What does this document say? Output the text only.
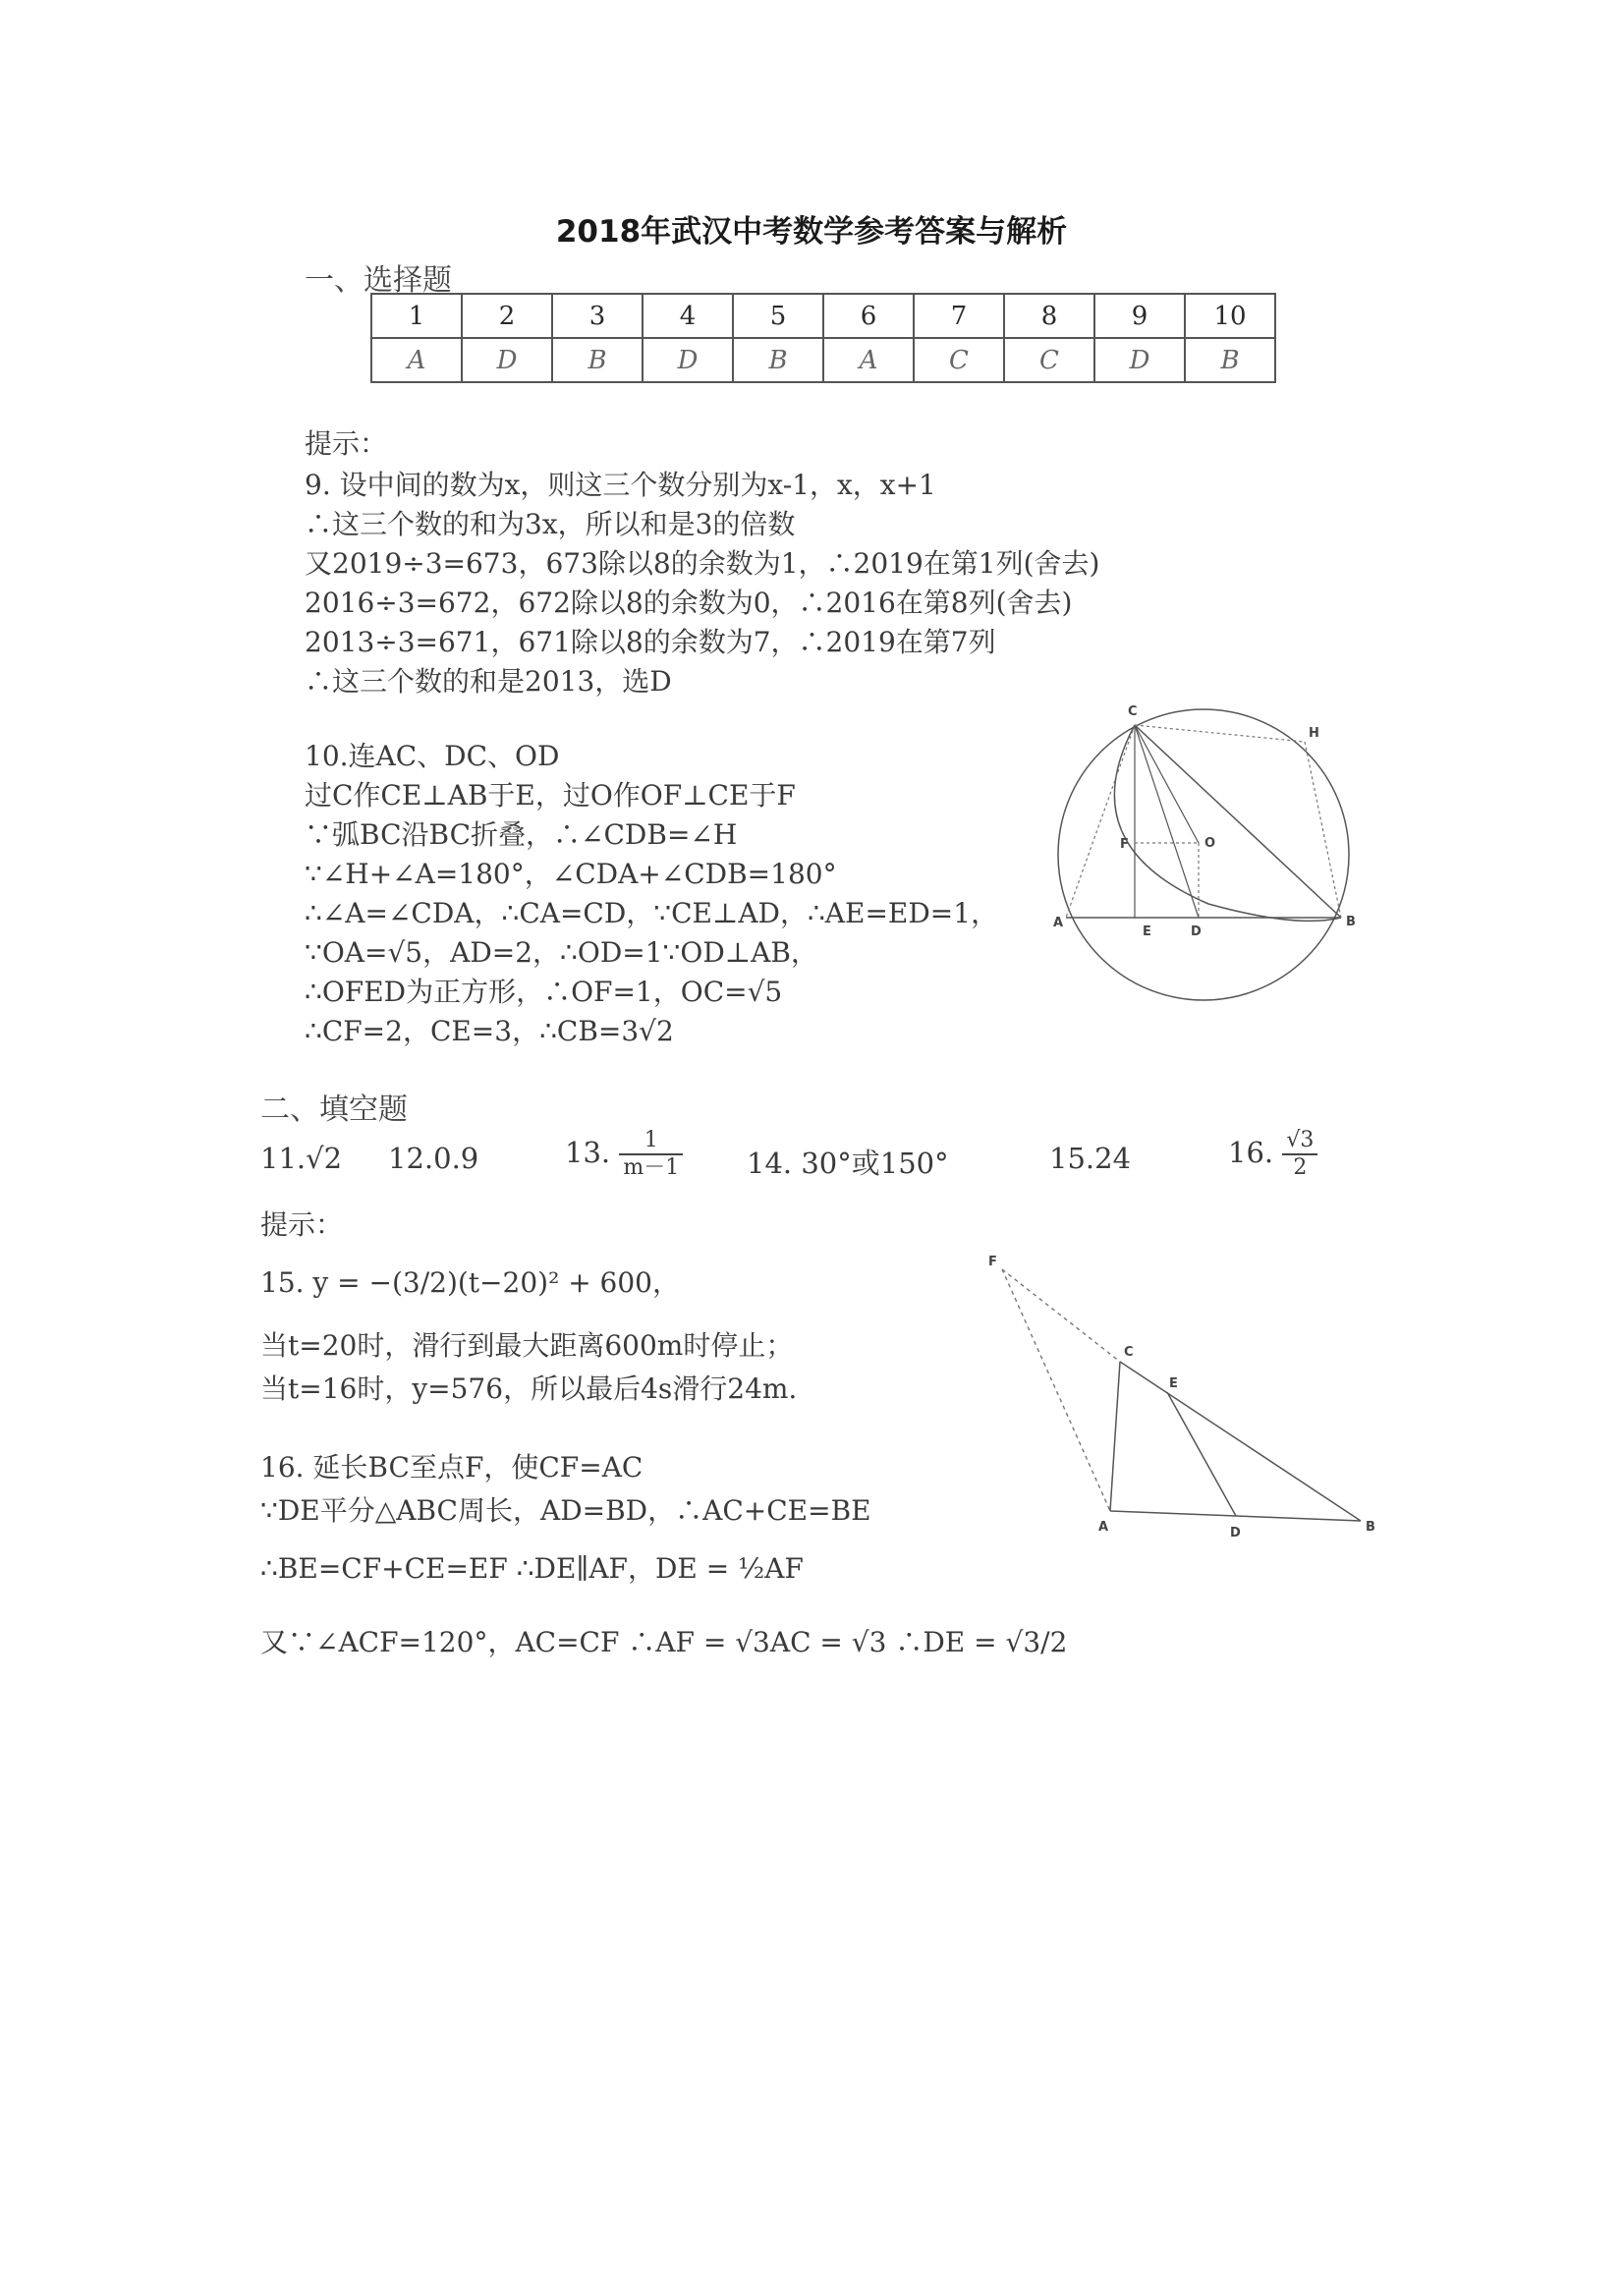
2018年武汉中考数学参考答案与解析
一、选择题
1	2	3	4	5	6	7	8	9	10
A	D	B	D	B	A	C	C	D	B
提示：
9. 设中间的数为x，则这三个数分别为x-1，x，x+1
∴这三个数的和为3x，所以和是3的倍数
又2019÷3=673，673除以8的余数为1，∴2019在第1列(舍去)
2016÷3=672，672除以8的余数为0，∴2016在第8列(舍去)
2013÷3=671，671除以8的余数为7，∴2019在第7列
∴这三个数的和是2013，选D
10.连AC、DC、OD
过C作CE⊥AB于E，过O作OF⊥CE于F
∵弧BC沿BC折叠，∴∠CDB=∠H
∵∠H+∠A=180°，∠CDA+∠CDB=180°
∴∠A=∠CDA，∴CA=CD，∵CE⊥AD，∴AE=ED=1，
∵OA=√5，AD=2，∴OD=1∵OD⊥AB，
∴OFED为正方形，∴OF=1，OC=√5
∴CF=2，CE=3，∴CB=3√2
C
H
F	O
A
E	D
B
二、填空题
11.√2 12.0.9	13. $\frac{1}{m-1} 14$. 30°或150°	15.24	16. $\frac{√3}{2}$
提示：
15. y = −(3/2)(t−20)² + 600，
当t=20时，滑行到最大距离600m时停止；
当t=16时，y=576，所以最后4s滑行24m.
16. 延长BC至点F，使CF=AC
∵DE平分△ABC周长，AD=BD，∴AC+CE=BE
∴BE=CF+CE=EF ∴DE∥AF，DE = ½AF
又∵∠ACF=120°，AC=CF ∴AF = √3AC = √3 ∴DE = √3/2
F
C
E
A	D	B
